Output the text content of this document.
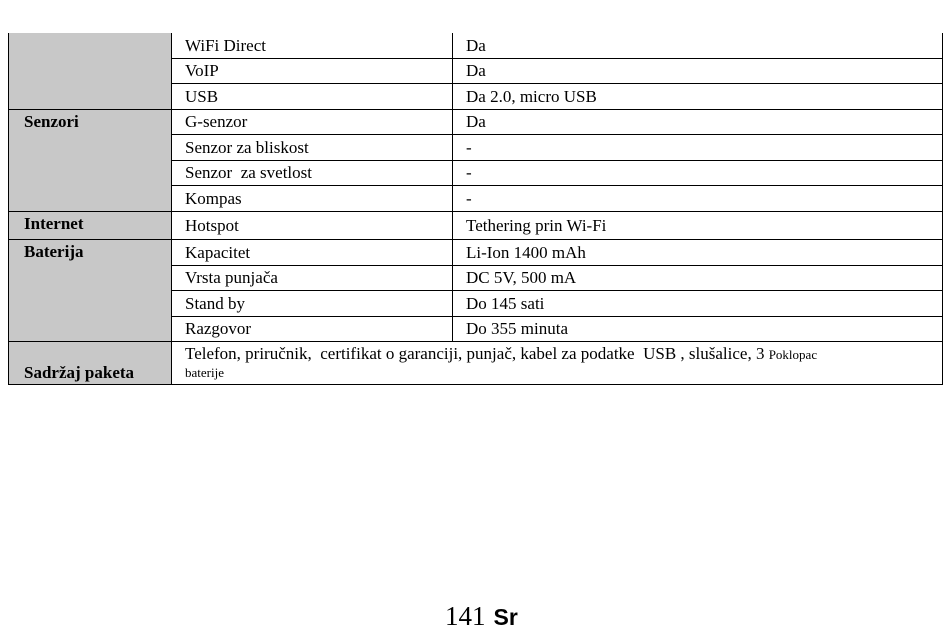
	WiFi Direct	Da
	VoIP	Da
	USB	Da 2.0, micro USB
Senzori	G-senzor	Da
	Senzor za bliskost	-
	Senzor  za svetlost	-
	Kompas	-
Internet	Hotspot	Tethering prin Wi-Fi
Baterija	Kapacitet	Li-Ion 1400 mAh
	Vrsta punjača	DC 5V, 500 mA
	Stand by	Do 145 sati
	Razgovor	Do 355 minuta
Sadržaj paketa	Telefon, priručnik,  certifikat o garanciji, punjač, kabel za podatke  USB , slušalice, 3 Poklopac
baterije	
141 Sr
